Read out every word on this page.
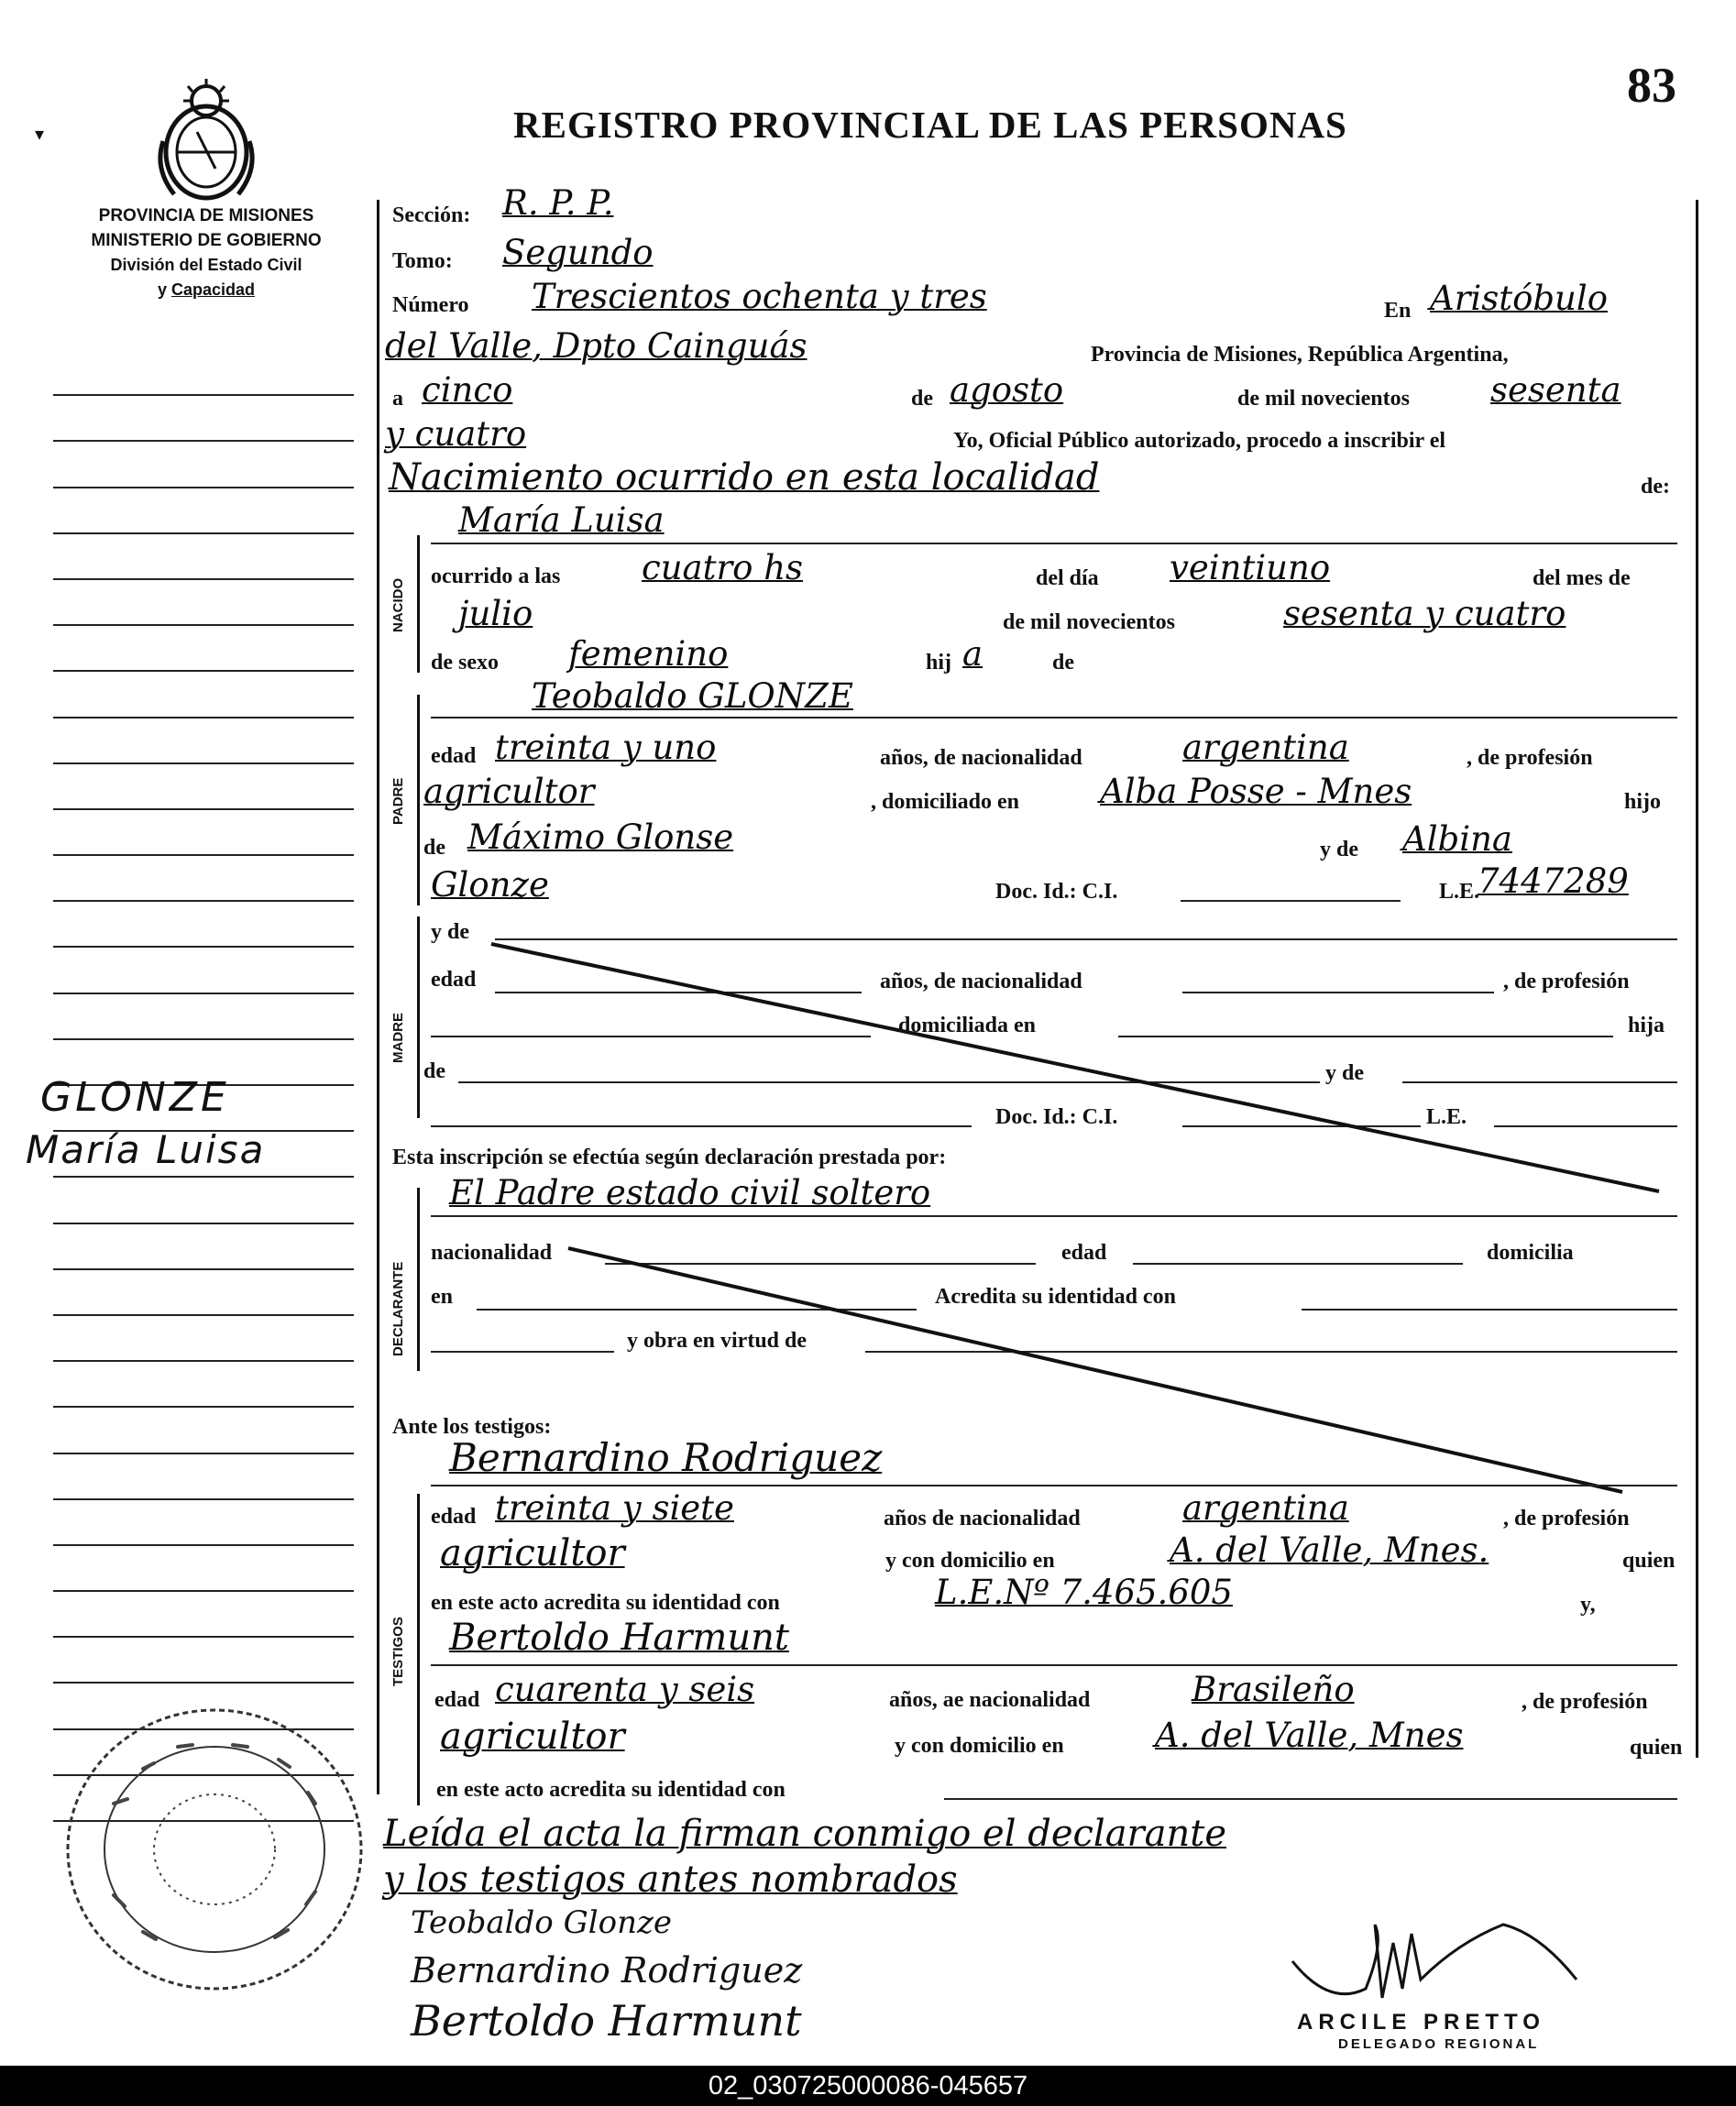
▾
PROVINCIA DE MISIONES
MINISTERIO DE GOBIERNO
División del Estado Civil
y Capacidad
REGISTRO PROVINCIAL DE LAS PERSONAS
83
GLONZE
María Luisa
Sección: R. P. P.
Tomo: Segundo
Número Trescientos ochenta y tres	En Aristóbulo
del Valle, Dpto Cainguás	Provincia de Misiones, República Argentina,
a cinco	de agosto	de mil novecientos sesenta
y cuatro	Yo, Oficial Público autorizado, procedo a inscribir el
Nacimiento ocurrido en esta localidad	de:
NACIDO
María Luisa
ocurrido a las cuatro hs	del día veintiuno	del mes de
julio	de mil novecientos	sesenta y cuatro
de sexo femenino	hij a	de
PADRE
Teobaldo GLONZE
edad treinta y uno	años, de nacionalidad	argentina	, de profesión
agricultor	, domiciliado en Alba Posse - Mnes	hijo
de Máximo Glonse	y de Albina
Glonze	Doc. Id.: C.I.	L.E.
7447289
MADRE
y de
edad	años, de nacionalidad	, de profesión
domiciliada en	hija
de	y de
Doc. Id.: C.I.	L.E.
Esta inscripción se efectúa según declaración prestada por:
DECLARANTE
El Padre estado civil soltero
nacionalidad	edad	domicilia
en	Acredita su identidad con
y obra en virtud de
Ante los testigos:
TESTIGOS
Bernardino Rodriguez
edad treinta y siete	años de nacionalidad	argentina	, de profesión
agricultor	y con domicilio en	A. del Valle, Mnes.	quien
en este acto acredita su identidad con	L.E.Nº 7.465.605	y,
Bertoldo Harmunt
edad cuarenta y seis	años, ae nacionalidad	Brasileño	, de profesión
agricultor	y con domicilio en	A. del Valle, Mnes	quien
en este acto acredita su identidad con
Leída el acta la firman conmigo el declarante
y los testigos antes nombrados
Teobaldo Glonze
Bernardino Rodriguez
Bertoldo Harmunt	ARCILE PRETTO
DELEGADO REGIONAL
02_030725000086-045657
